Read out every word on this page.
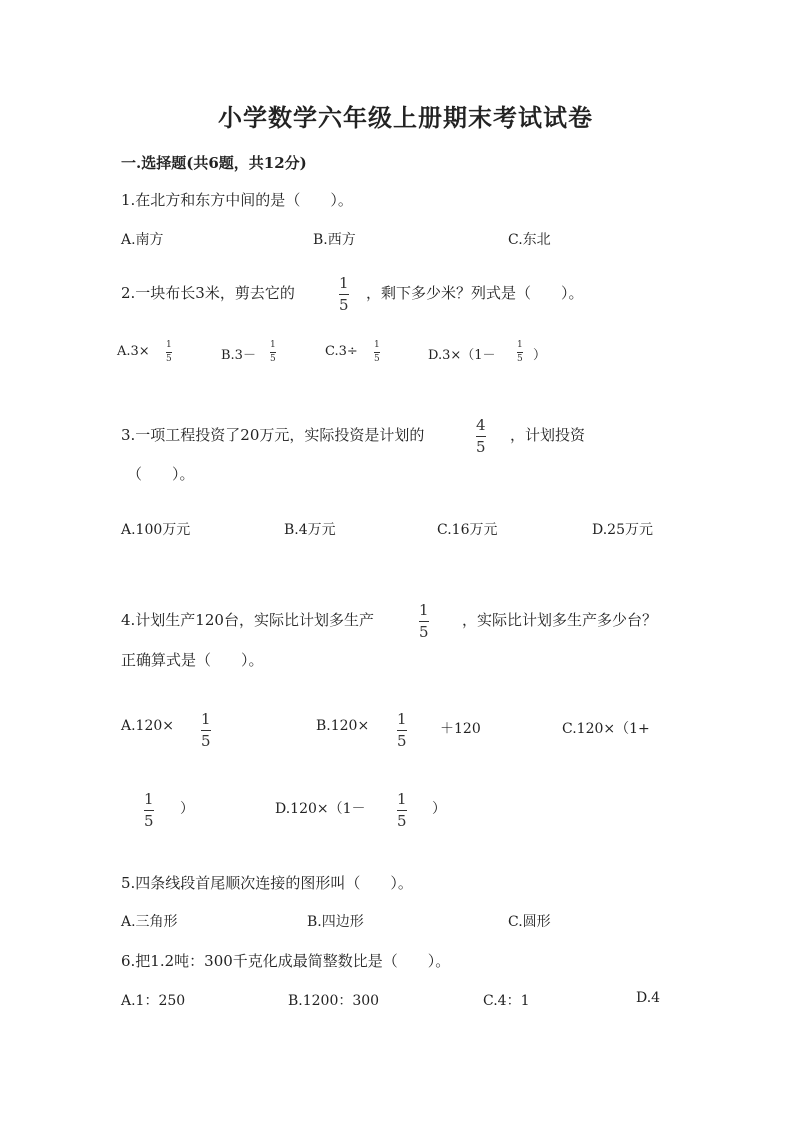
小学数学六年级上册期末考试试卷
一.选择题(共6题，共12分)
1.在北方和东方中间的是（　　）。
A.南方	B.西方	C.东北
2.一块布长3米，剪去它的
1
5
，剩下多少米？列式是（　　）。
A.3× 1
5	B.3－
1
5	C.3÷ 1
5	D.3×（1－
1
5 ）
3.一项工程投资了20万元，实际投资是计划的
4
5
，计划投资
（　　）。
A.100万元	B.4万元	C.16万元	D.25万元
4.计划生产120台，实际比计划多生产
1
5
，实际比计划多生产多少台？
正确算式是（　　）。
A.120× 1
5
B.120× 1
5
＋120	C.120×（1+
1
5
）	D.120×（1－
1
5
）
5.四条线段首尾顺次连接的图形叫（　　）。
A.三角形	B.四边形	C.圆形
6.把1.2吨：300千克化成最简整数比是（　　）。
A.1：250	B.1200：300	C.4：1	D.4
